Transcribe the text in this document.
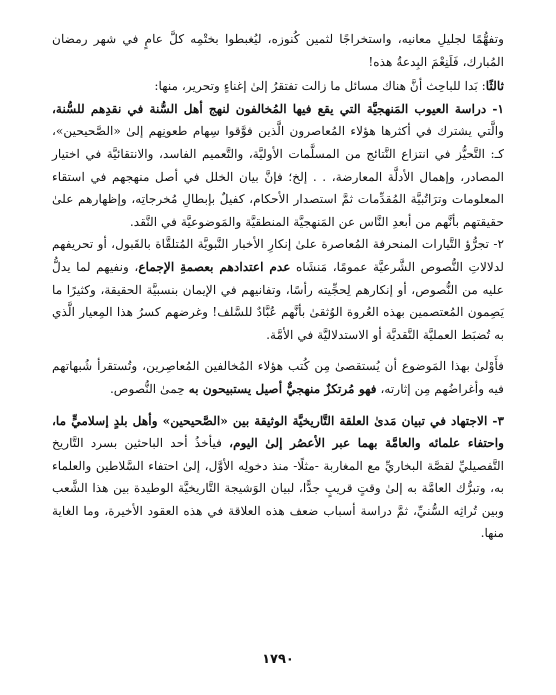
وتفهُّمًا لجليلِ معانيه، واستخراجًا لثمين كُنوزه، ليُغبطوا بختْمِه كلَّ عامٍ في شهر رمضان المُبارك، فَلَنِعْمَ البِدعةُ هذه!

ثالثًا: بَدا للباحِث أنَّ هناك مسائل ما زالت تفتقرُ إلىٰ إغناءٍ وتحرير، منها:

١- دراسة العيوب المَنهجيَّة التي يقع فيها المُخالفون لنهج أهل السُّنة في نقدِهم للسُّنة، والَّتي يشترك في أكثرها هؤلاء المُعاصرون الَّذين فوَّقوا سِهام طعونِهم إلىٰ «الصَّحيحين»، كـ: التَّحيُّز في انتزاع النَّتائج من المسلَّمات الأوليَّة، والتَّعميم الفاسد، والانتقائيَّة في اختيار المصادر، وإهمال الأدلَّة المعارضة، . . إلخ؛ فإنَّ بيان الخلل في أصل منهجهم في استقاء المعلومات وترَاتُبيَّة المُقدِّمات ثمَّ استصدار الأحكام، كفيلٌ بإبطالِ مُخرجاتِه، وإظهارهم علىٰ حقيقتهم بأنَّهم من أبعدِ النَّاس عن المَنهجيَّة المنطقيَّة والمَوضوعيَّة في النَّقد.

٢- تجرُّؤ التَّيارات المنحرفة المُعاصرة علىٰ إنكارِ الأخبار النَّبويَّة المُتلقَّاة بالقَبول، أو تحريفهم لدلالاتِ النُّصوص الشَّرعيَّة عمومًا، مَنشَاه عدم اعتدادهم بعصمةِ الإجماع، ونفيهم لما يدلُّ عليه من النُّصوص، أو إنكارهم لِحجِّيته رأسًا، وتفانيهم في الإيمان بنسبيَّة الحقيقة، وكثيرًا ما يَصِمون المُعتصمين بهذه العُروة الوُثقىٰ بأنَّهم عُبَّادٌ للسَّلف! وغرضهم كسرُ هذا المِعيار الَّذي به تُضبَط العمليَّة النَّقديَّة أو الاستدلاليَّة في الأمَّة.

فأَوْلىٰ بهذا المَوضوع أن يُستقصىٰ مِن كُتب هؤلاء المُخالفين المُعاصِرين، وتُستقرأ شُبهاتهم فيه وأغراضُهم مِن إثارته، فهو مُرتكزٌ منهجيٌّ أصيل يستبيحون به حِمىٰ النُّصوص.

٣- الاجتهاد في تبيان مَدىٰ العلقة التَّاريخيَّة الوثيقة بين «الصَّحيحين» وأهل بلدٍ إسلاميٍّ ما، واحتفاء علمائه والعامَّة بهما عبر الأعصُر إلىٰ اليوم، فيأخذُ أحد الباحثين بسرد التَّاريخ التَّفصيليِّ لقصَّة البخاريِّ مع المغاربة -مثلًا- منذ دخولِه الأوَّل، إلىٰ احتفاء السَّلاطين والعلماء به، وتبرُّك العامَّة به إلىٰ وقتٍ قريبٍ جدًّا، لبيان الوَشيجة التَّاريخيَّة الوطيدة بين هذا الشَّعب وبين تُراثِه السُّنيِّ، ثمَّ دراسة أسباب ضعف هذه العلاقة في هذه العقود الأخيرة، وما الغاية منها.

١٧٩٠
